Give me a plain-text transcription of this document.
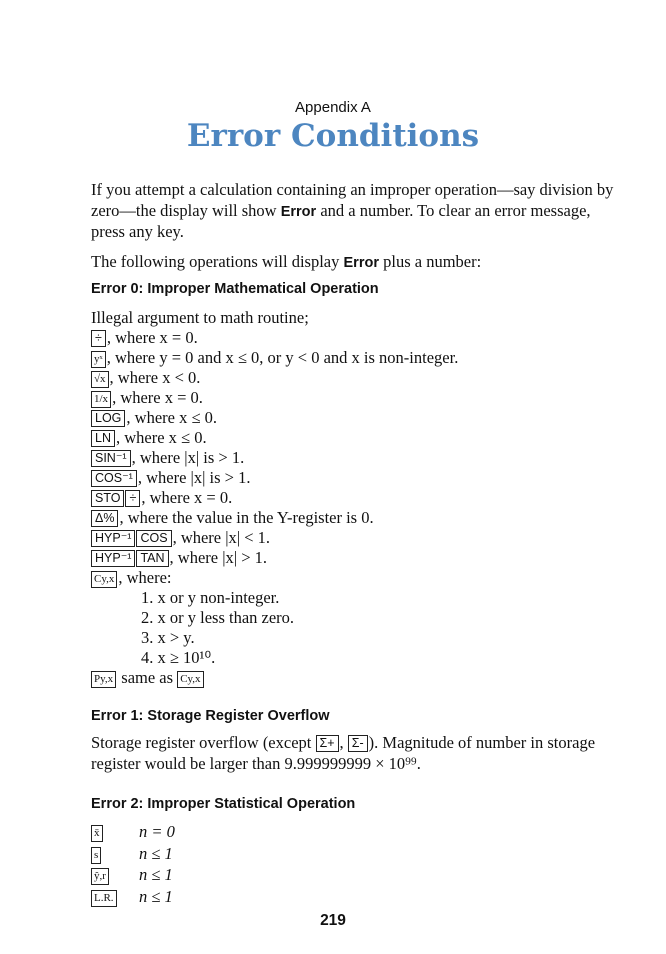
Appendix A
Error Conditions

If you attempt a calculation containing an improper operation—say division by zero—the display will show Error and a number. To clear an error message, press any key.

The following operations will display Error plus a number:

Error 0: Improper Mathematical Operation
Illegal argument to math routine;
÷ , where x = 0.
yˣ , where y = 0 and x ≤ 0, or y < 0 and x is non-integer.
√x , where x < 0.
1/x , where x = 0.
LOG , where x ≤ 0.
LN , where x ≤ 0.
SIN⁻¹ , where |x| is > 1.
COS⁻¹ , where |x| is > 1.
STO ÷ , where x = 0.
Δ% , where the value in the Y-register is 0.
HYP⁻¹ COS , where |x| < 1.
HYP⁻¹ TAN , where |x| > 1.
Cy,x , where:
1. x or y non-integer.
2. x or y less than zero.
3. x > y.
4. x ≥ 10¹⁰.
Py,x same as Cy,x
Error 1: Storage Register Overflow
Storage register overflow (except Σ+ , Σ- ). Magnitude of number in storage register would be larger than 9.999999999 × 10⁹⁹.
Error 2: Improper Statistical Operation
x̄ n = 0
s n ≤ 1
ŷ,r n ≤ 1
L.R. n ≤ 1
219
